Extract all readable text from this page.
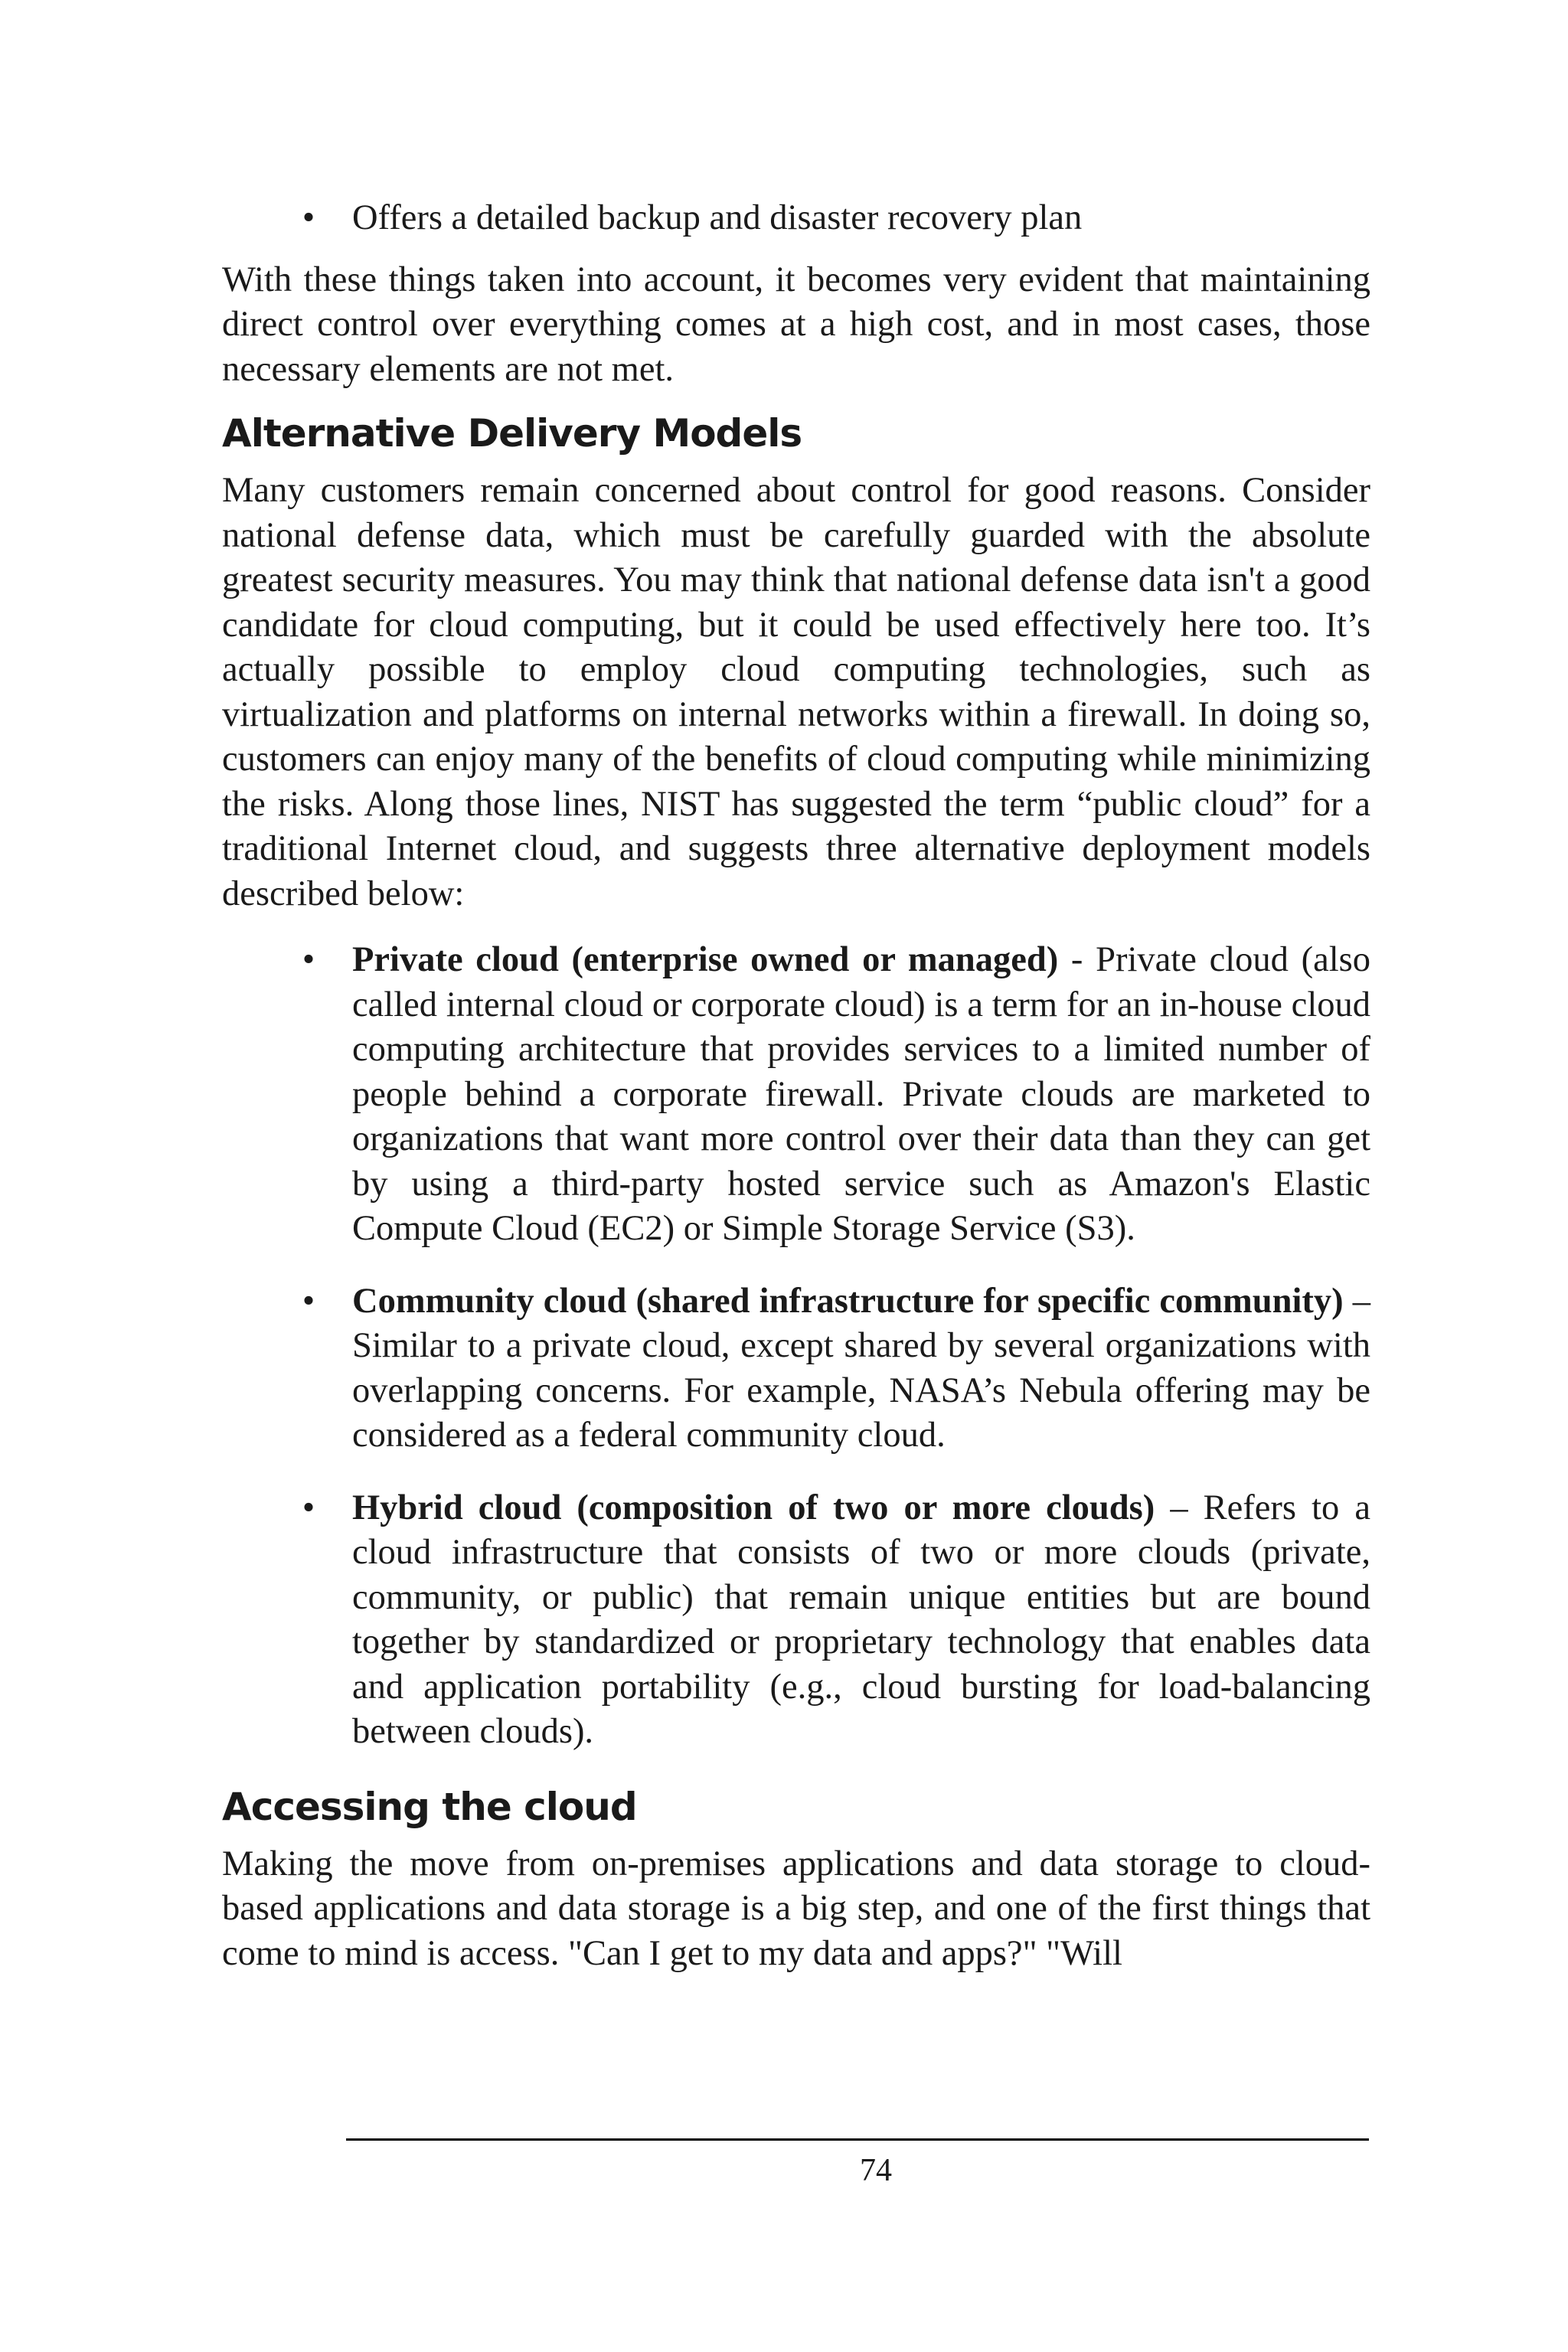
• Offers a detailed backup and disaster recovery plan

With these things taken into account, it becomes very evident that maintaining direct control over everything comes at a high cost, and in most cases, those necessary elements are not met.

Alternative Delivery Models

Many customers remain concerned about control for good reasons. Consider national defense data, which must be carefully guarded with the absolute greatest security measures. You may think that national defense data isn't a good candidate for cloud computing, but it could be used effectively here too. It’s actually possible to employ cloud computing technologies, such as virtualization and platforms on internal networks within a firewall. In doing so, customers can enjoy many of the benefits of cloud computing while minimizing the risks. Along those lines, NIST has suggested the term “public cloud” for a traditional Internet cloud, and suggests three alternative deployment models described below:

• Private cloud (enterprise owned or managed) - Private cloud (also called internal cloud or corporate cloud) is a term for an in-house cloud computing architecture that provides services to a limited number of people behind a corporate firewall. Private clouds are marketed to organizations that want more control over their data than they can get by using a third-party hosted service such as Amazon's Elastic Compute Cloud (EC2) or Simple Storage Service (S3).
• Community cloud (shared infrastructure for specific community) – Similar to a private cloud, except shared by several organizations with overlapping concerns. For example, NASA’s Nebula offering may be considered as a federal community cloud.
• Hybrid cloud (composition of two or more clouds) – Refers to a cloud infrastructure that consists of two or more clouds (private, community, or public) that remain unique entities but are bound together by standardized or proprietary technology that enables data and application portability (e.g., cloud bursting for load-balancing between clouds).
Accessing the cloud

Making the move from on-premises applications and data storage to cloud-based applications and data storage is a big step, and one of the first things that come to mind is access. "Can I get to my data and apps?" "Will

74
